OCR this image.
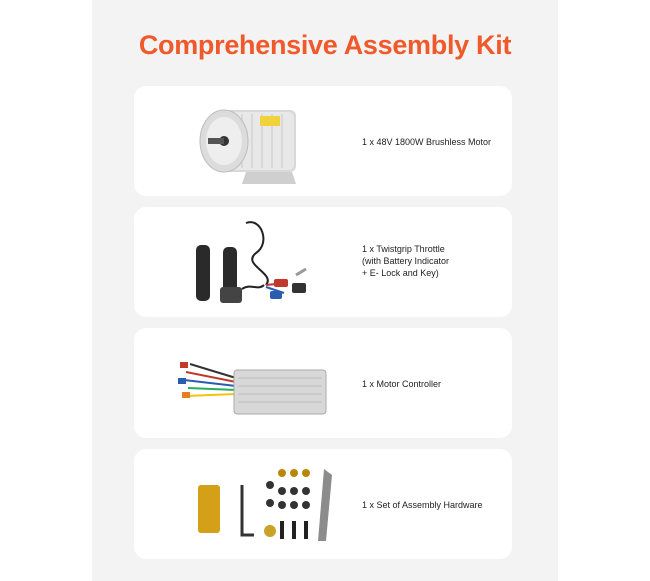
Comprehensive Assembly Kit
1 x 48V 1800W Brushless Motor
1 x Twistgrip Throttle
(with Battery Indicator
+ E- Lock and Key)
1 x Motor Controller
1 x Set of Assembly Hardware
